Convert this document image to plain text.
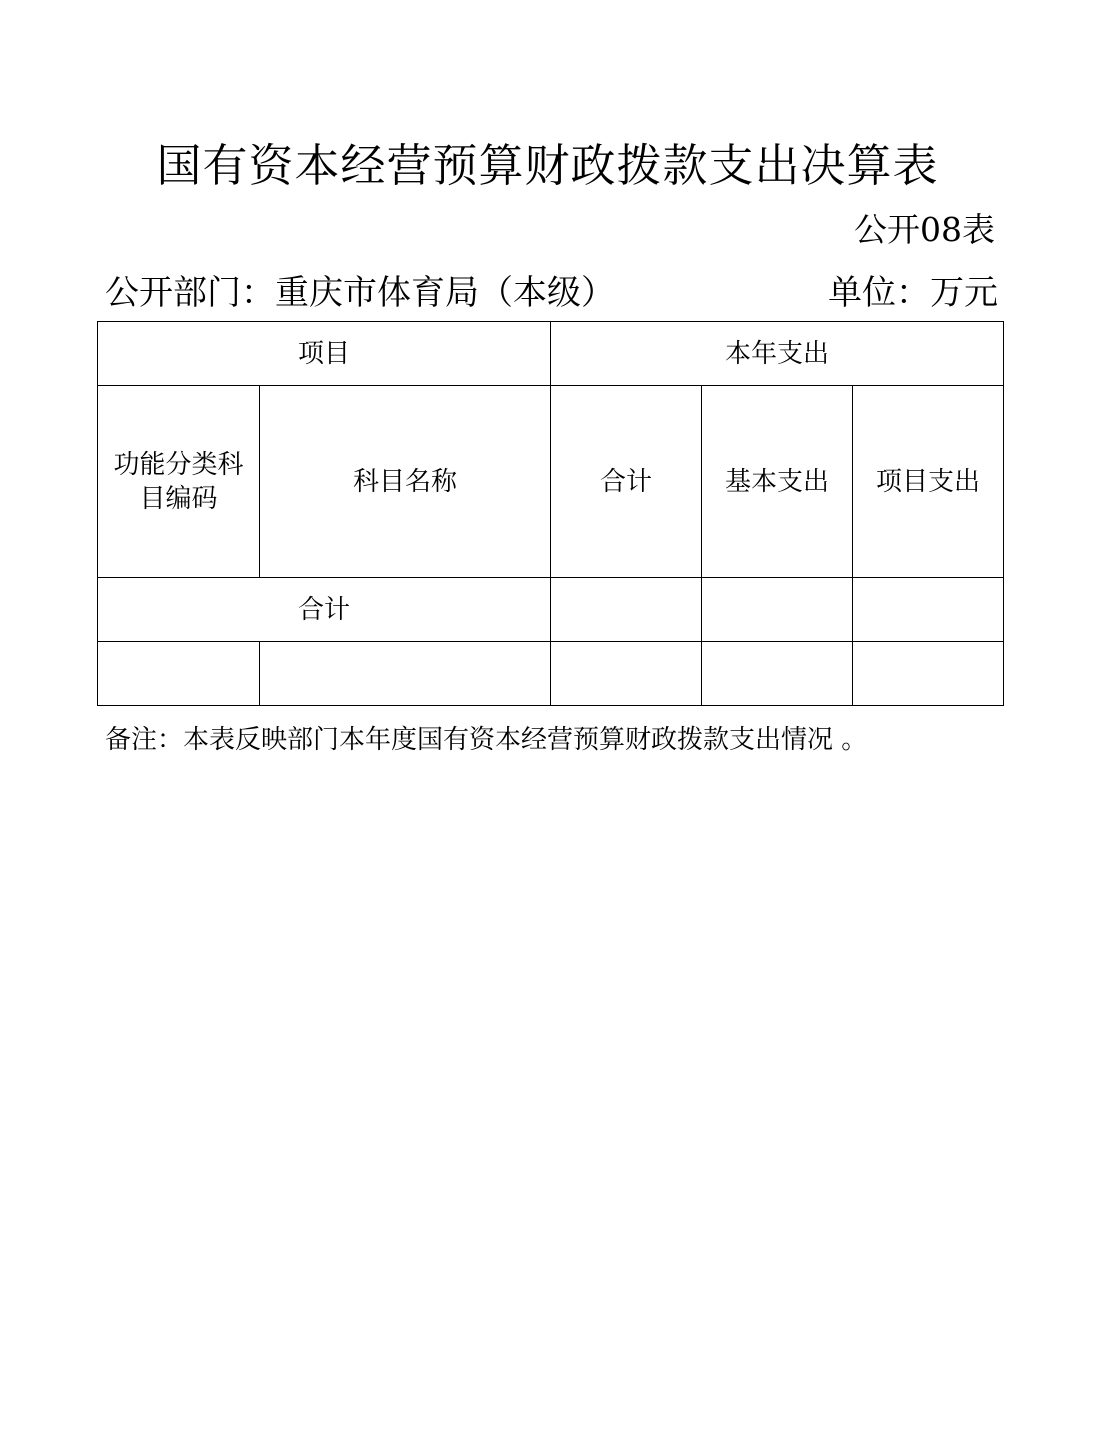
国有资本经营预算财政拨款支出决算表
公开08表
公开部门：重庆市体育局（本级）	单位：万元
项目		本年支出		
功能分类科目编码	科目名称	合计	基本支出	项目支出
合计				

备注：本表反映部门本年度国有资本经营预算财政拨款支出情况 。
